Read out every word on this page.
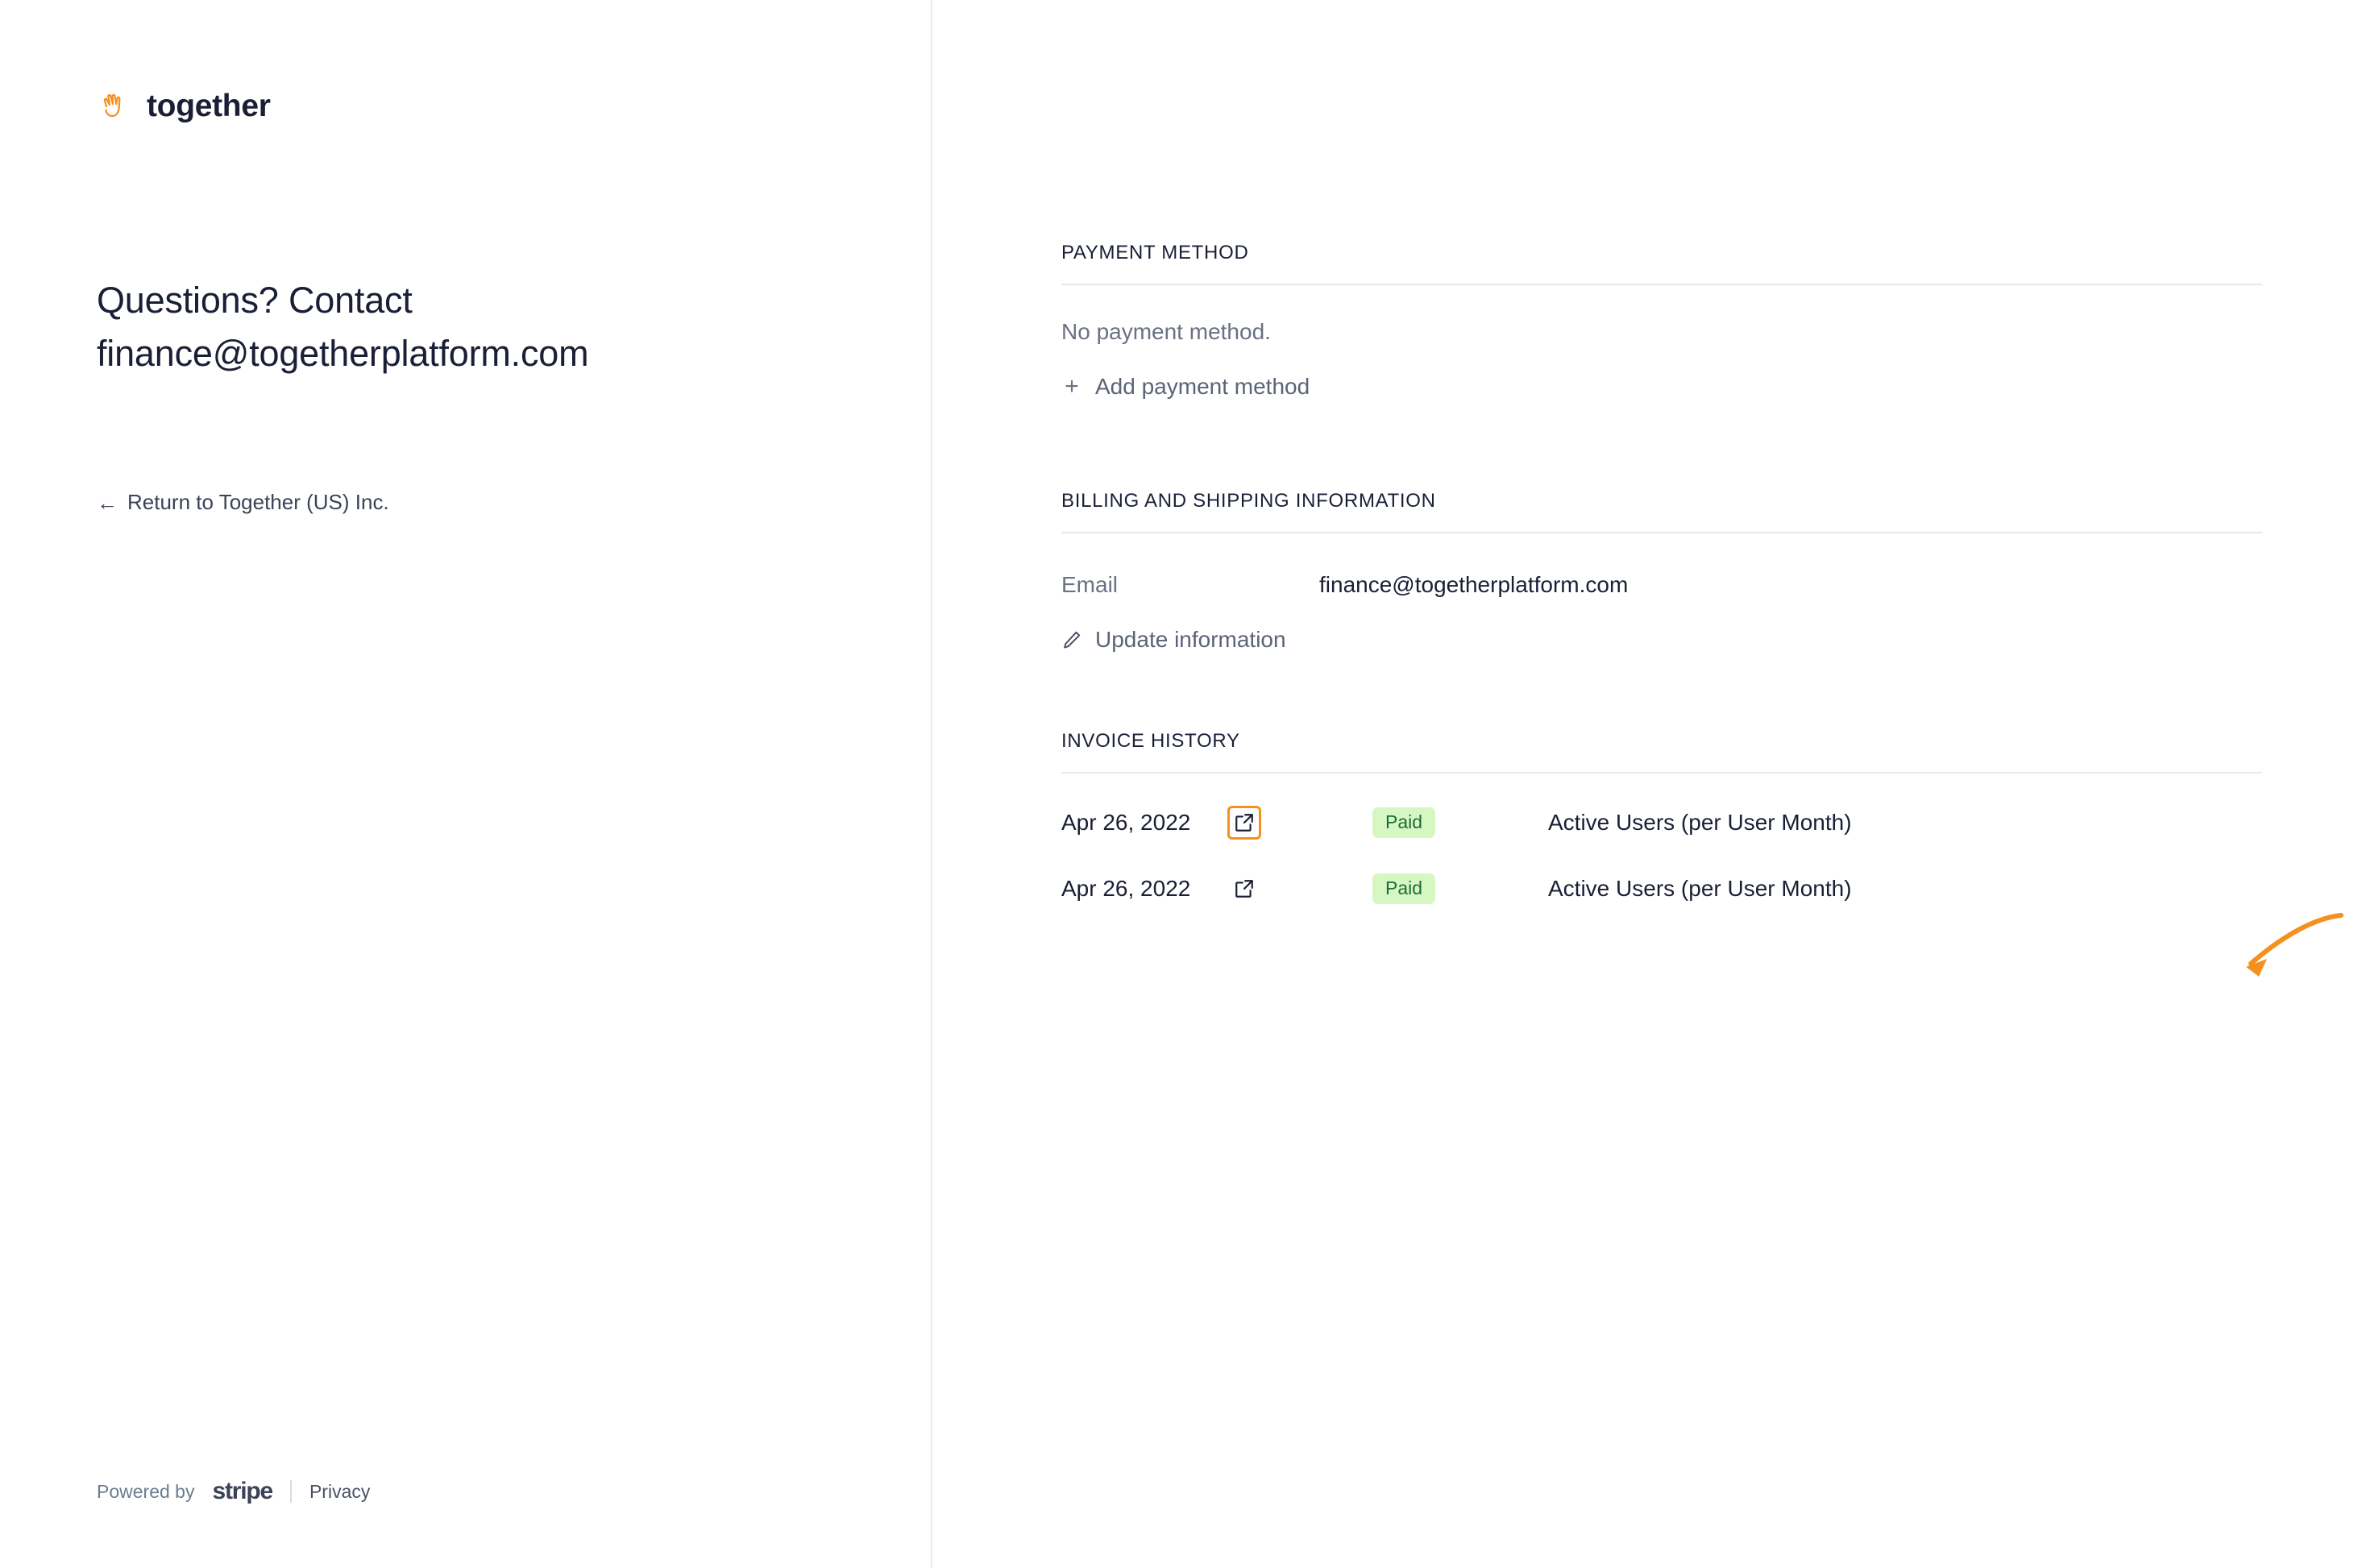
together
Questions? Contact finance@togetherplatform.com
← Return to Together (US) Inc.
Powered by stripe Privacy
PAYMENT METHOD
No payment method.
+ Add payment method
BILLING AND SHIPPING INFORMATION
Email	finance@togetherplatform.com
Update information
INVOICE HISTORY
Apr 26, 2022	Paid	Active Users (per User Month)
Apr 26, 2022	Paid	Active Users (per User Month)
